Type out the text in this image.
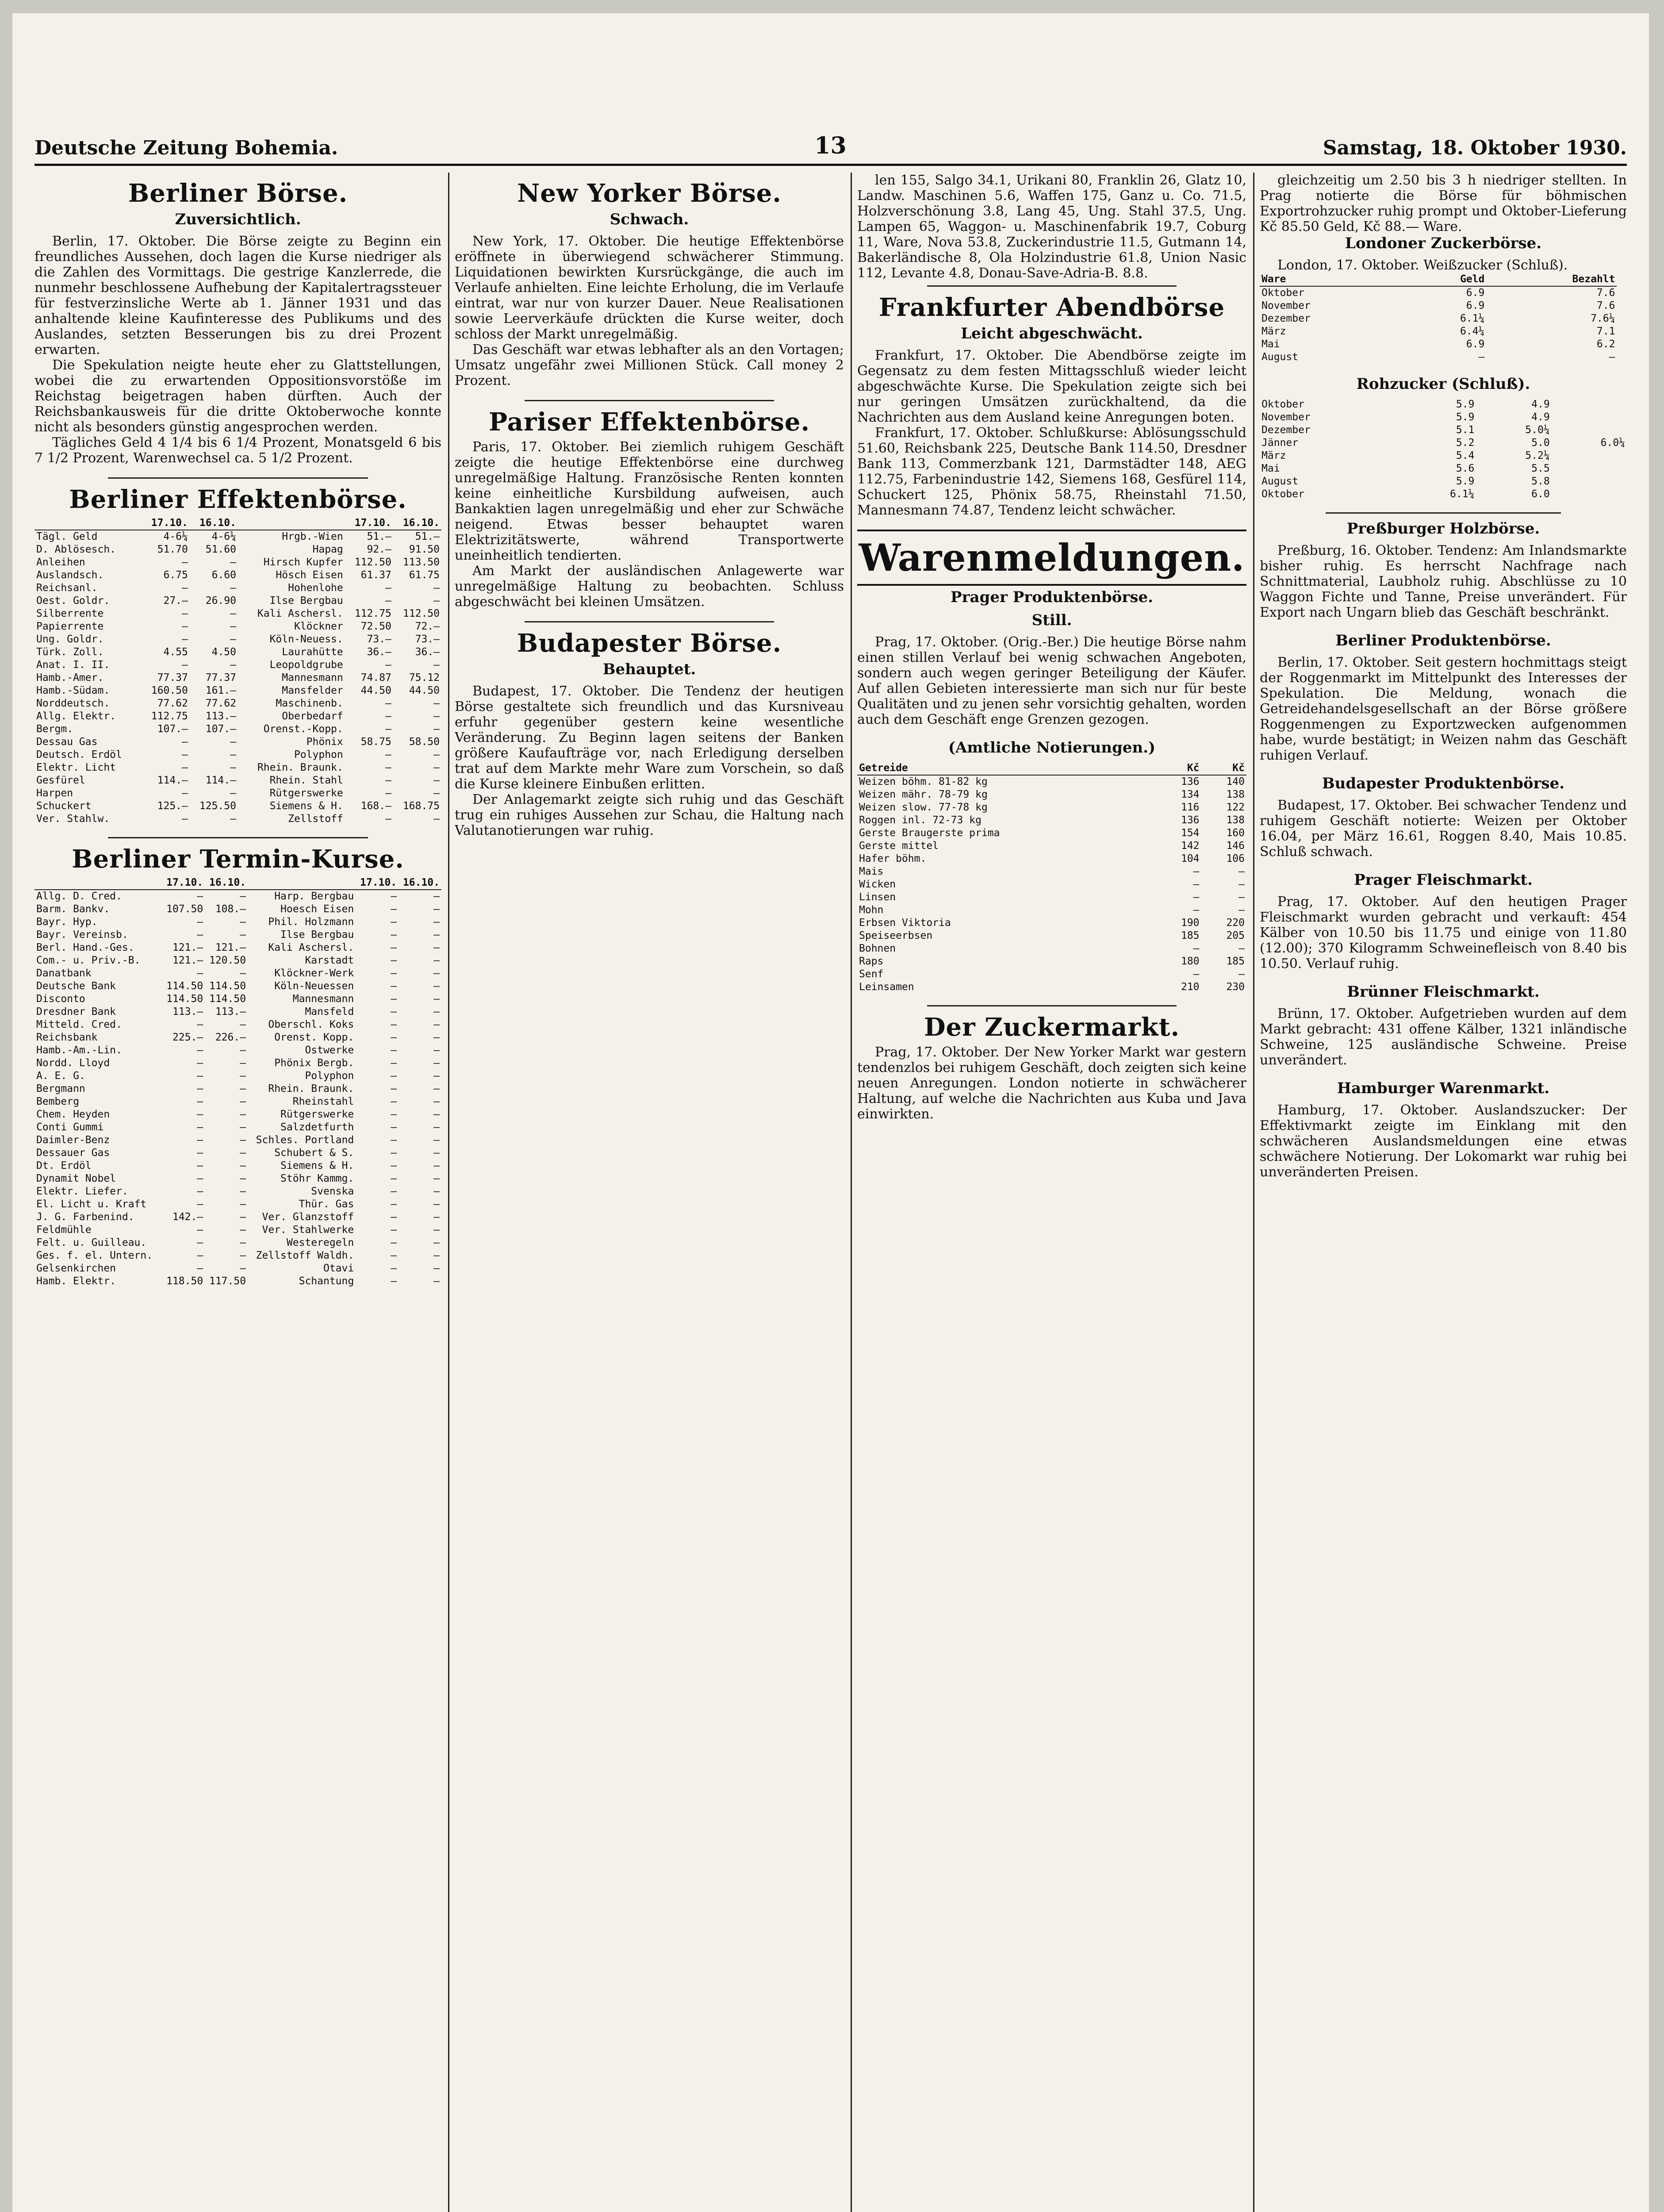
Deutsche Zeitung Bohemia.	13	Samstag, 18. Oktober 1930.
Berliner Börse.
Zuversichtlich.

Berlin, 17. Oktober. Die Börse zeigte zu Beginn ein freundliches Aussehen, doch lagen die Kurse niedriger als die Zahlen des Vormittags. Die gestrige Kanzlerrede, die nunmehr beschlossene Aufhebung der Kapitalertragssteuer für festverzinsliche Werte ab 1. Jänner 1931 und das anhaltende kleine Kaufinteresse des Publikums und des Auslandes, setzten Besserungen bis zu drei Prozent erwarten.

Die Spekulation neigte heute eher zu Glattstellungen, wobei die zu erwartenden Oppositionsvorstöße im Reichstag beigetragen haben dürften. Auch der Reichsbankausweis für die dritte Oktoberwoche konnte nicht als besonders günstig angesprochen werden.

Tägliches Geld 4 1/4 bis 6 1/4 Prozent, Monatsgeld 6 bis 7 1/2 Prozent, Warenwechsel ca. 5 1/2 Prozent.

Berliner Effektenbörse.
	17.10.	16.10.		17.10.	16.10.
Tägl. Geld	4-6¼	4-6¼	Hrgb.-Wien	51.—	51.—
D. Ablösesch.	51.70	51.60	Hapag	92.—	91.50
Anleihen	—	—	Hirsch Kupfer	112.50	113.50
Auslandsch.	6.75	6.60	Hösch Eisen	61.37	61.75
Reichsanl.	—	—	Hohenlohe	—	—
Oest. Goldr.	27.—	26.90	Ilse Bergbau	—	—
Silberrente	—	—	Kali Aschersl.	112.75	112.50
Papierrente	—	—	Klöckner	72.50	72.—
Ung. Goldr.	—	—	Köln-Neuess.	73.—	73.—
Türk. Zoll.	4.55	4.50	Laurahütte	36.—	36.—
Anat. I. II.	—	—	Leopoldgrube	—	—
Hamb.-Amer.	77.37	77.37	Mannesmann	74.87	75.12
Hamb.-Südam.	160.50	161.—	Mansfelder	44.50	44.50
Norddeutsch.	77.62	77.62	Maschinenb.	—	—
Allg. Elektr.	112.75	113.—	Oberbedarf	—	—
Bergm.	107.—	107.—	Orenst.-Kopp.	—	—
Dessau Gas	—	—	Phönix	58.75	58.50
Deutsch. Erdöl	—	—	Polyphon	—	—
Elektr. Licht	—	—	Rhein. Braunk.	—	—
Gesfürel	114.—	114.—	Rhein. Stahl	—	—
Harpen	—	—	Rütgerswerke	—	—
Schuckert	125.—	125.50	Siemens & H.	168.—	168.75
Ver. Stahlw.	—	—	Zellstoff	—	—
Berliner Termin-Kurse.
	17.10.	16.10.		17.10.	16.10.
Allg. D. Cred.	—	—	Harp. Bergbau	—	—
Barm. Bankv.	107.50	108.—	Hoesch Eisen	—	—
Bayr. Hyp.	—	—	Phil. Holzmann	—	—
Bayr. Vereinsb.	—	—	Ilse Bergbau	—	—
Berl. Hand.-Ges.	121.—	121.—	Kali Aschersl.	—	—
Com.- u. Priv.-B.	121.—	120.50	Karstadt	—	—
Danatbank	—	—	Klöckner-Werk	—	—
Deutsche Bank	114.50	114.50	Köln-Neuessen	—	—
Disconto	114.50	114.50	Mannesmann	—	—
Dresdner Bank	113.—	113.—	Mansfeld	—	—
Mitteld. Cred.	—	—	Oberschl. Koks	—	—
Reichsbank	225.—	226.—	Orenst. Kopp.	—	—
Hamb.-Am.-Lin.	—	—	Ostwerke	—	—
Nordd. Lloyd	—	—	Phönix Bergb.	—	—
A. E. G.	—	—	Polyphon	—	—
Bergmann	—	—	Rhein. Braunk.	—	—
Bemberg	—	—	Rheinstahl	—	—
Chem. Heyden	—	—	Rütgerswerke	—	—
Conti Gummi	—	—	Salzdetfurth	—	—
Daimler-Benz	—	—	Schles. Portland	—	—
Dessauer Gas	—	—	Schubert & S.	—	—
Dt. Erdöl	—	—	Siemens & H.	—	—
Dynamit Nobel	—	—	Stöhr Kammg.	—	—
Elektr. Liefer.	—	—	Svenska	—	—
El. Licht u. Kraft	—	—	Thür. Gas	—	—
J. G. Farbenind.	142.—	—	Ver. Glanzstoff	—	—
Feldmühle	—	—	Ver. Stahlwerke	—	—
Felt. u. Guilleau.	—	—	Westeregeln	—	—
Ges. f. el. Untern.	—	—	Zellstoff Waldh.	—	—
Gelsenkirchen	—	—	Otavi	—	—
Hamb. Elektr.	118.50	117.50	Schantung	—	—
New Yorker Börse.
Schwach.

New York, 17. Oktober. Die heutige Effektenbörse eröffnete in überwiegend schwächerer Stimmung. Liquidationen bewirkten Kursrückgänge, die auch im Verlaufe anhielten. Eine leichte Erholung, die im Verlaufe eintrat, war nur von kurzer Dauer. Neue Realisationen sowie Leerverkäufe drückten die Kurse weiter, doch schloss der Markt unregelmäßig.

Das Geschäft war etwas lebhafter als an den Vortagen; Umsatz ungefähr zwei Millionen Stück. Call money 2 Prozent.

Pariser Effektenbörse.

Paris, 17. Oktober. Bei ziemlich ruhigem Geschäft zeigte die heutige Effektenbörse eine durchweg unregelmäßige Haltung. Französische Renten konnten keine einheitliche Kursbildung aufweisen, auch Bankaktien lagen unregelmäßig und eher zur Schwäche neigend. Etwas besser behauptet waren Elektrizitätswerte, während Transportwerte uneinheitlich tendierten.

Am Markt der ausländischen Anlagewerte war unregelmäßige Haltung zu beobachten. Schluss abgeschwächt bei kleinen Umsätzen.

Budapester Börse.
Behauptet.

Budapest, 17. Oktober. Die Tendenz der heutigen Börse gestaltete sich freundlich und das Kursniveau erfuhr gegenüber gestern keine wesentliche Veränderung. Zu Beginn lagen seitens der Banken größere Kaufaufträge vor, nach Erledigung derselben trat auf dem Markte mehr Ware zum Vorschein, so daß die Kurse kleinere Einbußen erlitten.

Der Anlagemarkt zeigte sich ruhig und das Geschäft trug ein ruhiges Aussehen zur Schau, die Haltung nach Valutanotierungen war ruhig.

len 155, Salgo 34.1, Urikani 80, Franklin 26, Glatz 10, Landw. Maschinen 5.6, Waffen 175, Ganz u. Co. 71.5, Holzverschönung 3.8, Lang 45, Ung. Stahl 37.5, Ung. Lampen 65, Waggon- u. Maschinenfabrik 19.7, Coburg 11, Ware, Nova 53.8, Zuckerindustrie 11.5, Gutmann 14, Bakerländische 8, Ola Holzindustrie 61.8, Union Nasic 112, Levante 4.8, Donau-Save-Adria-B. 8.8.

Frankfurter Abendbörse
Leicht abgeschwächt.

Frankfurt, 17. Oktober. Die Abendbörse zeigte im Gegensatz zu dem festen Mittagsschluß wieder leicht abgeschwächte Kurse. Die Spekulation zeigte sich bei nur geringen Umsätzen zurückhaltend, da die Nachrichten aus dem Ausland keine Anregungen boten.

Frankfurt, 17. Oktober. Schlußkurse: Ablösungsschuld 51.60, Reichsbank 225, Deutsche Bank 114.50, Dresdner Bank 113, Commerzbank 121, Darmstädter 148, AEG 112.75, Farbenindustrie 142, Siemens 168, Gesfürel 114, Schuckert 125, Phönix 58.75, Rheinstahl 71.50, Mannesmann 74.87, Tendenz leicht schwächer.

Warenmeldungen.
Prager Produktenbörse.
Still.

Prag, 17. Oktober. (Orig.-Ber.) Die heutige Börse nahm einen stillen Verlauf bei wenig schwachen Angeboten, sondern auch wegen geringer Beteiligung der Käufer. Auf allen Gebieten interessierte man sich nur für beste Qualitäten und zu jenen sehr vorsichtig gehalten, worden auch dem Geschäft enge Grenzen gezogen.

(Amtliche Notierungen.)
Getreide	Kč	Kč
Weizen böhm. 81-82 kg	136	140
Weizen mähr. 78-79 kg	134	138
Weizen slow. 77-78 kg	116	122
Roggen inl. 72-73 kg	136	138
Gerste Braugerste prima	154	160
Gerste mittel	142	146
Hafer böhm.	104	106
Mais	—	—
Wicken	—	—
Linsen	—	—
Mohn	—	—
Erbsen Viktoria	190	220
Speiseerbsen	185	205
Bohnen	—	—
Raps	180	185
Senf	—	—
Leinsamen	210	230
Der Zuckermarkt.

Prag, 17. Oktober. Der New Yorker Markt war gestern tendenzlos bei ruhigem Geschäft, doch zeigten sich keine neuen Anregungen. London notierte in schwächerer Haltung, auf welche die Nachrichten aus Kuba und Java einwirkten.

gleichzeitig um 2.50 bis 3 h niedriger stellten. In Prag notierte die Börse für böhmischen Exportrohzucker ruhig prompt und Oktober-Lieferung Kč 85.50 Geld, Kč 88.— Ware.

Londoner Zuckerbörse.

London, 17. Oktober. Weißzucker (Schluß).

Ware	Geld	Bezahlt	
Oktober	6.9	7.6	
November	6.9	7.6	
Dezember	6.1¼	7.6¼	
März	6.4¼	7.1	
Mai	6.9	6.2	
August	—	—	
Rohzucker (Schluß).
Oktober	5.9	4.9	
November	5.9	4.9	
Dezember	5.1	5.0¼	
Jänner	5.2	5.0	6.0¼
März	5.4	5.2¼	
Mai	5.6	5.5	
August	5.9	5.8	
Oktober	6.1¼	6.0	
Preßburger Holzbörse.

Preßburg, 16. Oktober. Tendenz: Am Inlandsmarkte bisher ruhig. Es herrscht Nachfrage nach Schnittmaterial, Laubholz ruhig. Abschlüsse zu 10 Waggon Fichte und Tanne, Preise unverändert. Für Export nach Ungarn blieb das Geschäft beschränkt.

Berliner Produktenbörse.

Berlin, 17. Oktober. Seit gestern hochmittags steigt der Roggenmarkt im Mittelpunkt des Interesses der Spekulation. Die Meldung, wonach die Getreidehandelsgesellschaft an der Börse größere Roggenmengen zu Exportzwecken aufgenommen habe, wurde bestätigt; in Weizen nahm das Geschäft ruhigen Verlauf.

Budapester Produktenbörse.

Budapest, 17. Oktober. Bei schwacher Tendenz und ruhigem Geschäft notierte: Weizen per Oktober 16.04, per März 16.61, Roggen 8.40, Mais 10.85. Schluß schwach.

Prager Fleischmarkt.

Prag, 17. Oktober. Auf den heutigen Prager Fleischmarkt wurden gebracht und verkauft: 454 Kälber von 10.50 bis 11.75 und einige von 11.80 (12.00); 370 Kilogramm Schweinefleisch von 8.40 bis 10.50. Verlauf ruhig.

Brünner Fleischmarkt.

Brünn, 17. Oktober. Aufgetrieben wurden auf dem Markt gebracht: 431 offene Kälber, 1321 inländische Schweine, 125 ausländische Schweine. Preise unverändert.

Hamburger Warenmarkt.

Hamburg, 17. Oktober. Auslandszucker: Der Effektivmarkt zeigte im Einklang mit den schwächeren Auslandsmeldungen eine etwas schwächere Notierung. Der Lokomarkt war ruhig bei unveränderten Preisen.
